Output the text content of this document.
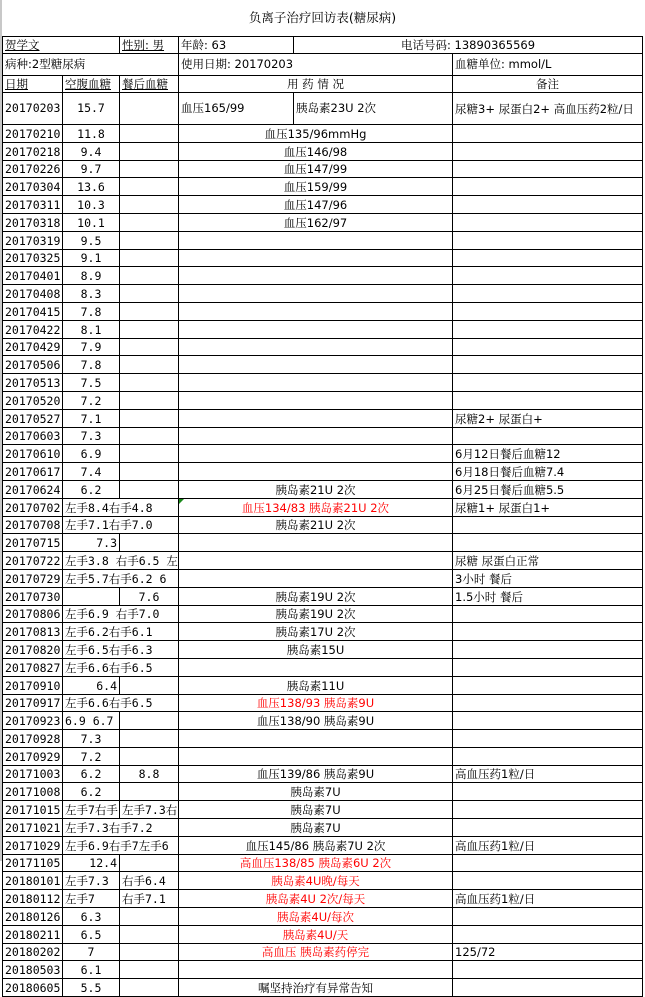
负离子治疗回访表(糖尿病)
贺学文		性别: 男	年龄: 63	电话号码: 13890365569	
病种:2型糖尿病			使用日期: 20170203		血糖单位: mmol/L
日期	空腹血糖	餐后血糖	用 药 情 况		备注
20170203	15.7		血压165/99	胰岛素23U 2次	尿糖3+ 尿蛋白2+ 高血压药2粒/日
20170210	11.8		血压135/96mmHg		
20170218	9.4		血压146/98		
20170226	9.7		血压147/99		
20170304	13.6		血压159/99		
20170311	10.3		血压147/96		
20170318	10.1		血压162/97		
20170319	9.5				
20170325	9.1				
20170401	8.9				
20170408	8.3				
20170415	7.8				
20170422	8.1				
20170429	7.9				
20170506	7.8				
20170513	7.5				
20170520	7.2				
20170527	7.1				尿糖2+ 尿蛋白+
20170603	7.3				
20170610	6.9				6月12日餐后血糖12
20170617	7.4				6月18日餐后血糖7.4
20170624	6.2		胰岛素21U 2次		6月25日餐后血糖5.5
20170702	左手8.4右手4.8		血压134/83 胰岛素21U 2次		尿糖1+ 尿蛋白1+
20170708	左手7.1右手7.0		胰岛素21U 2次		
20170715	7.3				
20170722	左手3.8 右手6.5 左				尿糖 尿蛋白正常
20170729	左手5.7右手6.2 6				3小时 餐后
20170730		7.6	胰岛素19U 2次		1.5小时 餐后
20170806	左手6.9 右手7.0		胰岛素19U 2次		
20170813	左手6.2右手6.1		胰岛素17U 2次		
20170820	左手6.5右手6.3		胰岛素15U		
20170827	左手6.6右手6.5				
20170910	6.4		胰岛素11U		
20170917	左手6.6右手6.5		血压138/93 胰岛素9U		
20170923	6.9 6.7		血压138/90 胰岛素9U		
20170928	7.3				
20170929	7.2				
20171003	6.2	8.8	血压139/86 胰岛素9U		高血压药1粒/日
20171008	6.2		胰岛素7U		
20171015	左手7右手	左手7.3右	胰岛素7U		
20171021	左手7.3右手7.2		胰岛素7U		
20171029	左手6.9右手7左手6		血压145/86 胰岛素7U 2次		高血压药1粒/日
20171105	12.4		高血压138/85 胰岛素6U 2次		
20180101	左手7.3	右手6.4	胰岛素4U晚/每天		
20180112	左手7	右手7.1	胰岛素4U 2次/每天		高血压药1粒/日
20180126	6.3		胰岛素4U/每次		
20180211	6.5		胰岛素4U/天		
20180202	7		高血压 胰岛素药停完		125/72
20180503	6.1				
20180605	5.5		嘱坚持治疗有异常告知		
